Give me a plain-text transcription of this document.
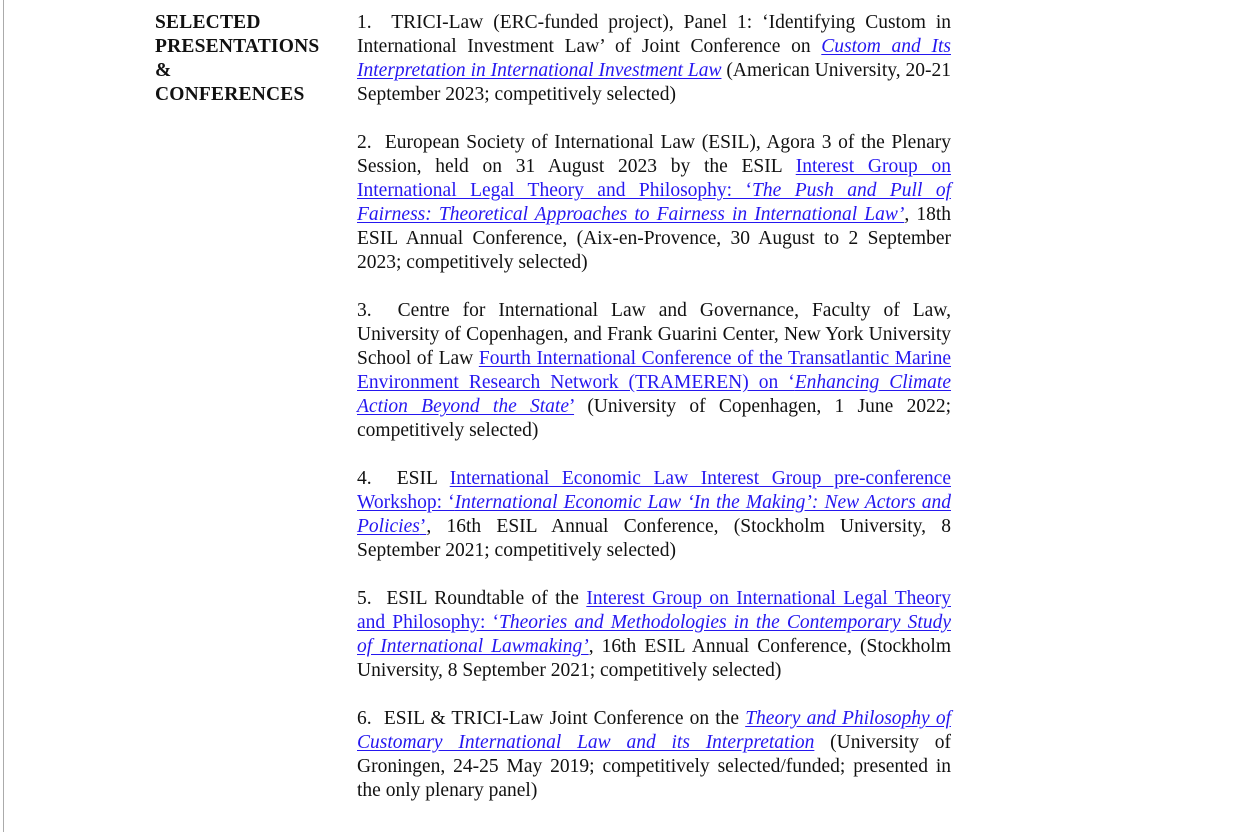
SELECTED
PRESENTATIONS
&
CONFERENCES

1.  TRICI-Law (ERC-funded project), Panel 1: ‘Identifying Custom in International Investment Law’ of Joint Conference on Custom and Its Interpretation in International Investment Law (American University, 20-21 September 2023; competitively selected)

2.  European Society of International Law (ESIL), Agora 3 of the Plenary Session, held on 31 August 2023 by the ESIL Interest Group on International Legal Theory and Philosophy: ‘The Push and Pull of Fairness: Theoretical Approaches to Fairness in International Law’, 18th ESIL Annual Conference, (Aix-en-Provence, 30 August to 2 September 2023; competitively selected)

3.  Centre for International Law and Governance, Faculty of Law, University of Copenhagen, and Frank Guarini Center, New York University School of Law Fourth International Conference of the Transatlantic Marine Environment Research Network (TRAMEREN) on ‘Enhancing Climate Action Beyond the State’ (University of Copenhagen, 1 June 2022; competitively selected)

4.  ESIL International Economic Law Interest Group pre-conference Workshop: ‘International Economic Law ‘In the Making’: New Actors and Policies’, 16th ESIL Annual Conference, (Stockholm University, 8 September 2021; competitively selected)

5.  ESIL Roundtable of the Interest Group on International Legal Theory and Philosophy: ‘Theories and Methodologies in the Contemporary Study of International Lawmaking’, 16th ESIL Annual Conference, (Stockholm University, 8 September 2021; competitively selected)

6.  ESIL & TRICI-Law Joint Conference on the Theory and Philosophy of Customary International Law and its Interpretation (University of Groningen, 24-25 May 2019; competitively selected/funded; presented in the only plenary panel)
